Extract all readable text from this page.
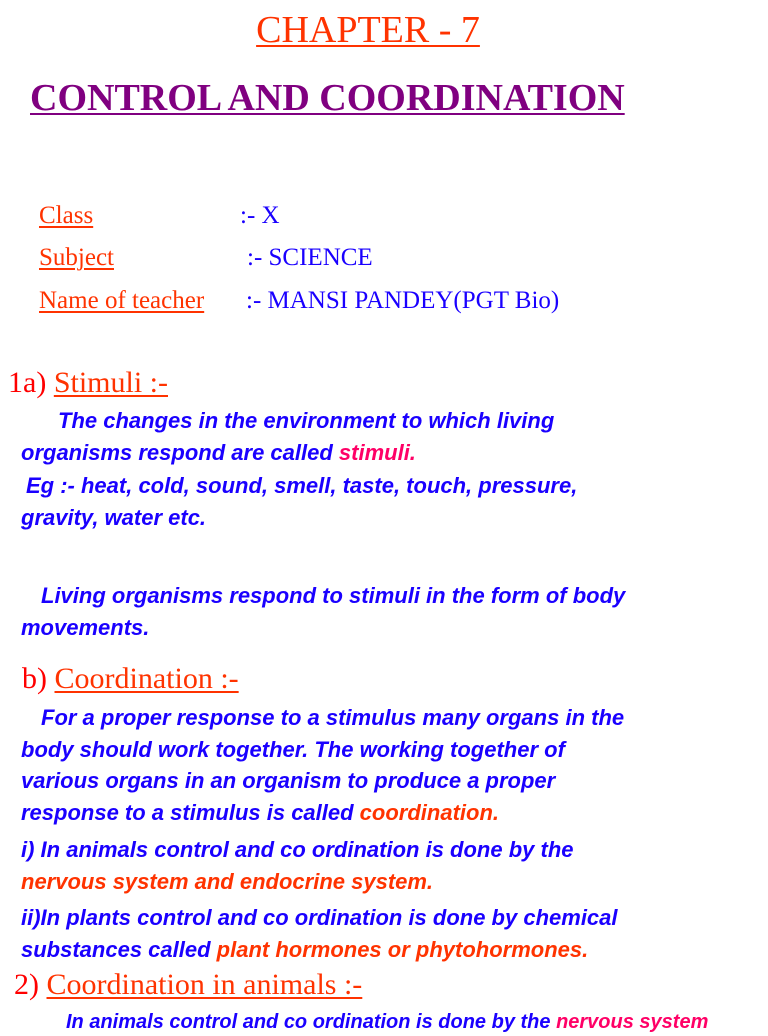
CHAPTER - 7
CONTROL AND COORDINATION
Class	:- X
Subject	:- SCIENCE
Name of teacher :- MANSI PANDEY(PGT Bio)
1a) Stimuli :-
The changes in the environment to which living
organisms respond are called stimuli.
Eg :- heat, cold, sound, smell, taste, touch, pressure,
gravity, water etc.
Living organisms respond to stimuli in the form of body
movements.
b) Coordination :-
For a proper response to a stimulus many organs in the
body should work together. The working together of
various organs in an organism to produce a proper
response to a stimulus is called coordination.
i) In animals control and co ordination is done by the
nervous system and endocrine system.
ii)In plants control and co ordination is done by chemical
substances called plant hormones or phytohormones.
2) Coordination in animals :-
In animals control and co ordination is done by the nervous system
